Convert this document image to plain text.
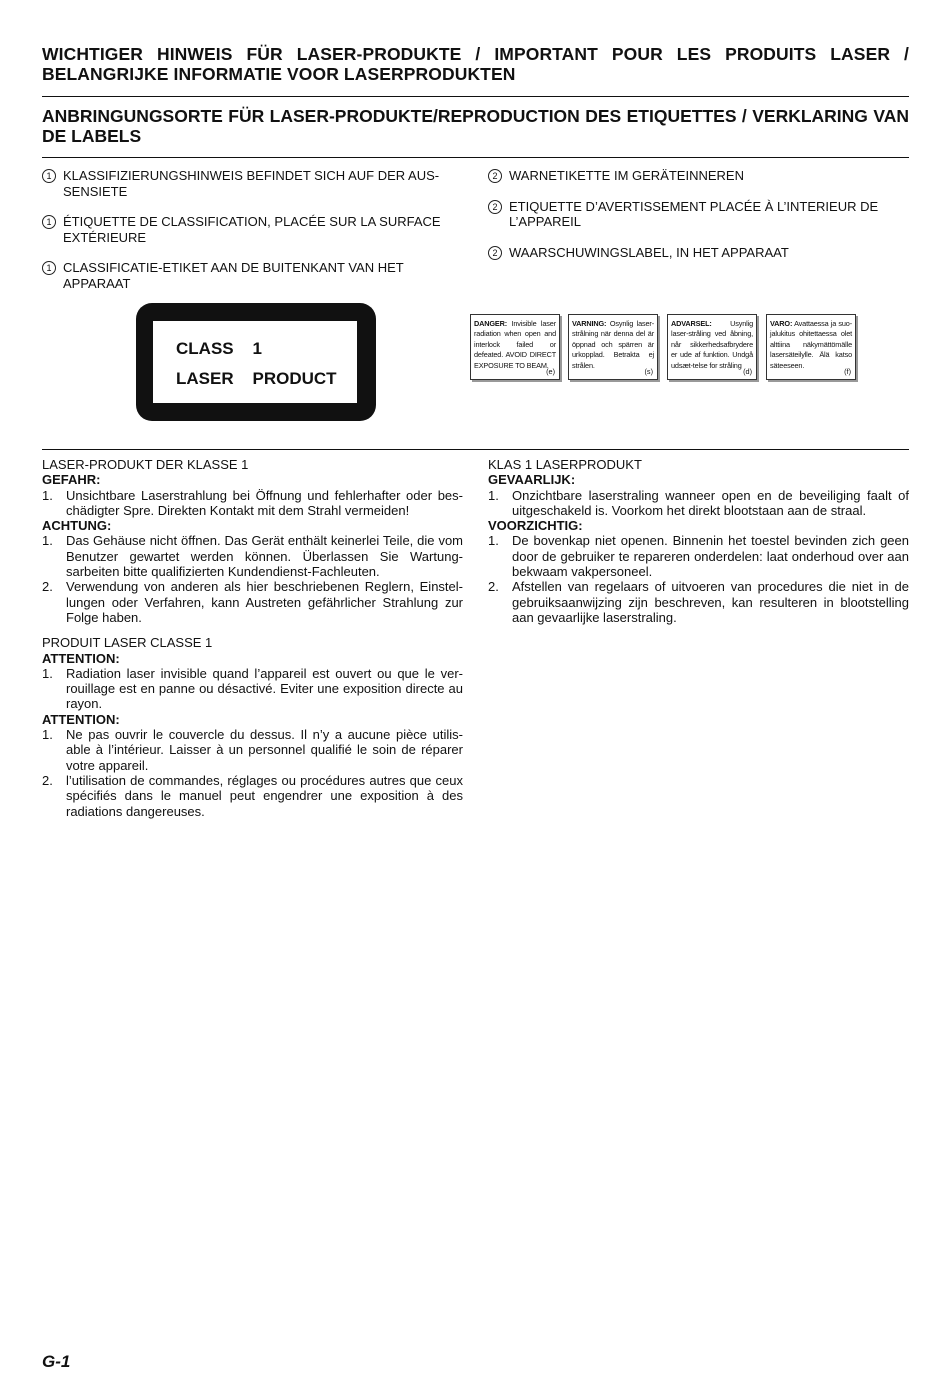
WICHTIGER HINWEIS FÜR LASER-PRODUKTE / IMPORTANT POUR LES PRODUITS LASER / BELANGRIJKE INFORMATIE VOOR LASERPRODUKTEN
ANBRINGUNGSORTE FÜR LASER-PRODUKTE/REPRODUCTION DES ETIQUETTES / VERKLARING VAN DE LABELS
1 KLASSIFIZIERUNGSHINWEIS BEFINDET SICH AUF DER AUS-SENSIETE
1 ÉTIQUETTE DE CLASSIFICATION, PLACÉE SUR LA SURFACE EXTÉRIEURE
1 CLASSIFICATIE-ETIKET AAN DE BUITENKANT VAN HET APPARAAT
2 WARNETIKETTE IM GERÄTEINNEREN
2 ETIQUETTE D’AVERTISSEMENT PLACÉE À L’INTERIEUR DE L’APPAREIL
2 WAARSCHUWINGSLABEL, IN HET APPARAAT
CLASS    1
LASER    PRODUCT
DANGER: Invisible laser radiation when open and interlock failed or defeated. AVOID DIRECT EXPOSURE TO BEAM.
(e)
VARNING: Osynlig laser-strålning när denna del är öppnad och spärren är urkopplad. Betrakta ej strålen.
(s)
ADVARSEL:	Usynlig laser-stråling ved åbning, når sikkerhedsafbrydere er ude af funktion. Undgå udsæt-telse for stråling
(d)
VARO: Avattaessa ja suo-jalukitus ohitettaessa olet alttiina näkymättömälle lasersäteilylle. Älä katso säteeseen.
(f)

LASER-PRODUKT DER KLASSE 1

GEFAHR:

1. Unsichtbare Laserstrahlung bei Öffnung und fehlerhafter oder bes-chädigter Spre. Direkten Kontakt mit dem Strahl vermeiden!

ACHTUNG:

1. Das Gehäuse nicht öffnen. Das Gerät enthält keinerlei Teile, die vom Benutzer gewartet werden können. Überlassen Sie Wartung-sarbeiten bitte qualifizierten Kundendienst-Fachleuten.

2. Verwendung von anderen als hier beschriebenen Reglern, Einstel-lungen oder Verfahren, kann Austreten gefährlicher Strahlung zur Folge haben.

PRODUIT LASER CLASSE 1

ATTENTION:

1. Radiation laser invisible quand l’appareil est ouvert ou que le ver-rouillage est en panne ou désactivé. Eviter une exposition directe au rayon.

ATTENTION:

1. Ne pas ouvrir le couvercle du dessus. Il n’y a aucune pièce utilis-able à l’intérieur. Laisser à un personnel qualifié le soin de réparer votre appareil.

2. l’utilisation de commandes, réglages ou procédures autres que ceux spécifiés dans le manuel peut engendrer une exposition à des radiations dangereuses.

KLAS 1 LASERPRODUKT

GEVAARLIJK:

1. Onzichtbare laserstraling wanneer open en de beveiliging faalt of uitgeschakeld is. Voorkom het direkt blootstaan aan de straal.

VOORZICHTIG:

1. De bovenkap niet openen. Binnenin het toestel bevinden zich geen door de gebruiker te repareren onderdelen: laat onderhoud over aan bekwaam vakpersoneel.

2. Afstellen van regelaars of uitvoeren van procedures die niet in de gebruiksaanwijzing zijn beschreven, kan resulteren in blootstelling aan gevaarlijke laserstraling.

G-1
